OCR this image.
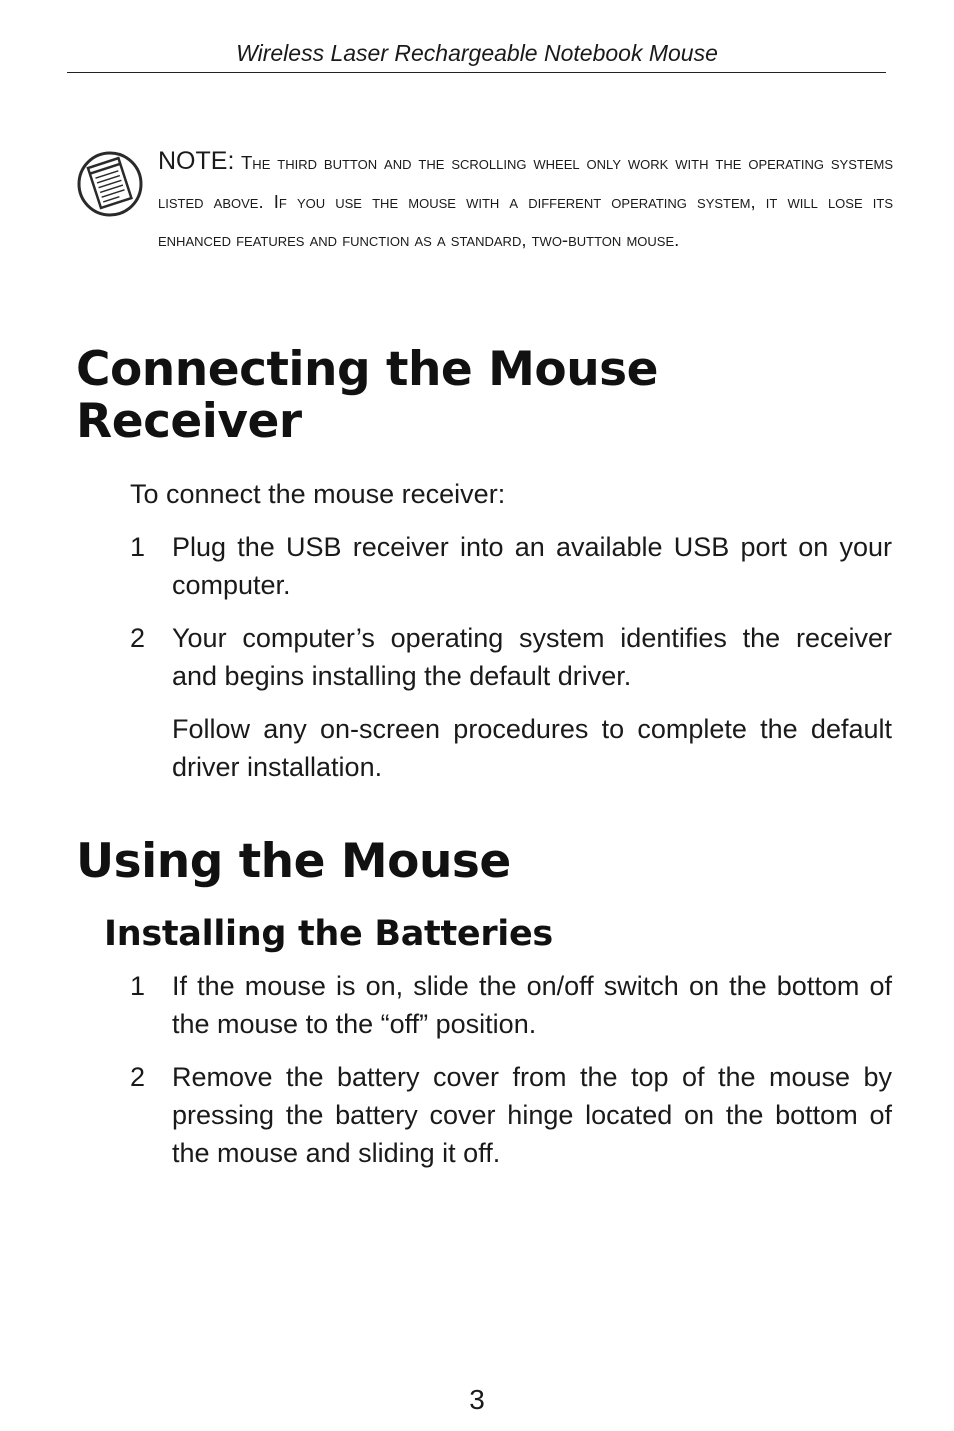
Wireless Laser Rechargeable Notebook Mouse
NOTE: The third button and the scrolling wheel only work with the operating systems listed above. If you use the mouse with a different operating system, it will lose its enhanced features and function as a standard, two-button mouse.
Connecting the Mouse
Receiver
To connect the mouse receiver:
1 Plug the USB receiver into an available USB port on your computer.
2 Your computer’s operating system identifies the receiver and begins installing the default driver.
Follow any on-screen procedures to complete the default driver installation.
Using the Mouse
Installing the Batteries
1 If the mouse is on, slide the on/off switch on the bottom of the mouse to the “off” position.
2 Remove the battery cover from the top of the mouse by pressing the battery cover hinge located on the bottom of the mouse and sliding it off.
3
